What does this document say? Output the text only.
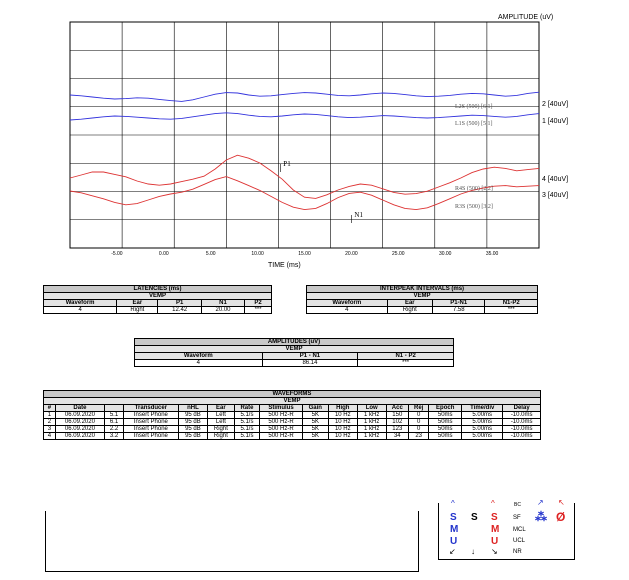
AMPLITUDE (uV)
-5.00	0.00	5.00	10.00	15.00	20.00	25.00	30.00	35.00
2 [40uV]
L2S (500) [6.1]
1 [40uV]
L1S (500) [5.1]
4 [40uV]
R4S (500) [2.2]
3 [40uV]
R3S (500) [3.2]
P1
N1
TIME (ms)
LATENCIES (ms)				
VEMP				
Waveform	Ear	P1	N1	P2
4	Right	12.42	20.00	***
INTERPEAK INTERVALS (ms)			
VEMP			
Waveform	Ear	P1-N1	N1-P2
4	Right	7.58	***
AMPLITUDES (uV)		
VEMP		
Waveform	P1 - N1	N1 - P2
4	86.14	***
WAVEFORMS															
VEMP															
#	Date		Transducer	nHL	Ear	Rate	Stimulus	Gain	High	Low	Acc	Rej	Epoch	Time/div	Delay
1	06.09.2020	5.1	Insert Phone	95 dB	Left	5.1/s	500 Hz-R	5K	10 Hz	1 kHz	150	0	50ms	5.00ms	-10.0ms
2	06.09.2020	6.1	Insert Phone	95 dB	Left	5.1/s	500 Hz-R	5K	10 Hz	1 kHz	102	0	50ms	5.00ms	-10.0ms
3	06.09.2020	2.2	Insert Phone	95 dB	Right	5.1/s	500 Hz-R	5K	10 Hz	1 kHz	123	0	50ms	5.00ms	-10.0ms
4	06.09.2020	3.2	Insert Phone	95 dB	Right	5.1/s	500 Hz-R	5K	10 Hz	1 kHz	34	23	50ms	5.00ms	-10.0ms
^	^	BC ↗ ↖
S
M
U
S S
M
U
SF
MCL
UCL
NR
⁂ Ø
↙ ↓ ↘
